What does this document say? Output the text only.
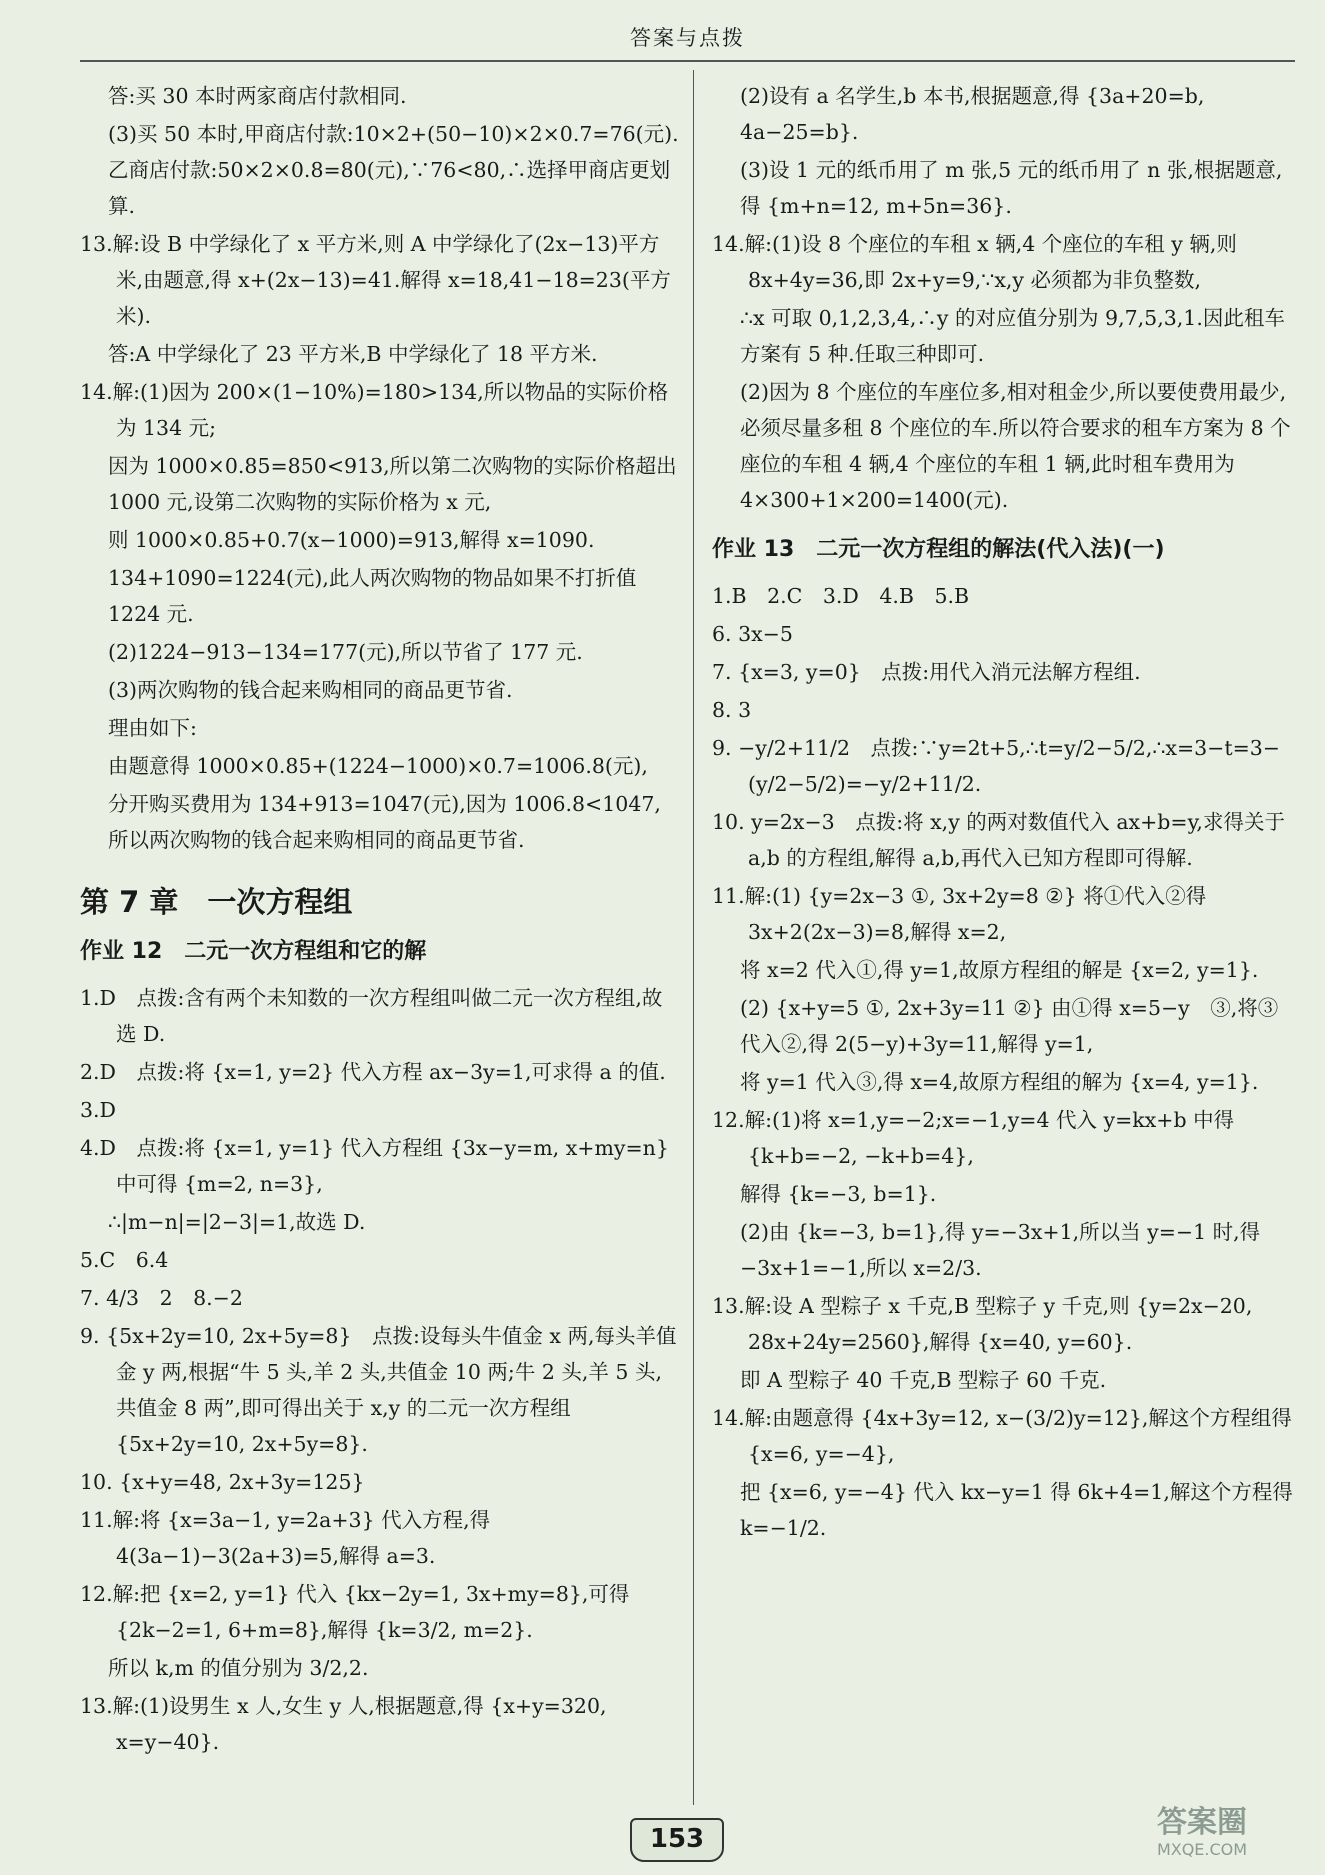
答案与点拨
答:买 30 本时两家商店付款相同.
(3)买 50 本时,甲商店付款:10×2+(50−10)×2×0.7=76(元).乙商店付款:50×2×0.8=80(元),∵76<80,∴选择甲商店更划算.
13.解:设 B 中学绿化了 x 平方米,则 A 中学绿化了(2x−13)平方米,由题意,得 x+(2x−13)=41.解得 x=18,41−18=23(平方米).
答:A 中学绿化了 23 平方米,B 中学绿化了 18 平方米.
14.解:(1)因为 200×(1−10%)=180>134,所以物品的实际价格为 134 元;
因为 1000×0.85=850<913,所以第二次购物的实际价格超出 1000 元,设第二次购物的实际价格为 x 元,
则 1000×0.85+0.7(x−1000)=913,解得 x=1090.
134+1090=1224(元),此人两次购物的物品如果不打折值 1224 元.
(2)1224−913−134=177(元),所以节省了 177 元.
(3)两次购物的钱合起来购相同的商品更节省.
理由如下:
由题意得 1000×0.85+(1224−1000)×0.7=1006.8(元),
分开购买费用为 134+913=1047(元),因为 1006.8<1047,所以两次购物的钱合起来购相同的商品更节省.
第 7 章　一次方程组
作业 12　二元一次方程组和它的解
1.D　点拨:含有两个未知数的一次方程组叫做二元一次方程组,故选 D.
2.D　点拨:将 {x=1, y=2} 代入方程 ax−3y=1,可求得 a 的值.
3.D
4.D　点拨:将 {x=1, y=1} 代入方程组 {3x−y=m, x+my=n} 中可得 {m=2, n=3},
∴|m−n|=|2−3|=1,故选 D.
5.C　6.4
7. 4/3　2　8.−2
9. {5x+2y=10, 2x+5y=8}　点拨:设每头牛值金 x 两,每头羊值金 y 两,根据“牛 5 头,羊 2 头,共值金 10 两;牛 2 头,羊 5 头,共值金 8 两”,即可得出关于 x,y 的二元一次方程组 {5x+2y=10, 2x+5y=8}.
10. {x+y=48, 2x+3y=125}
11.解:将 {x=3a−1, y=2a+3} 代入方程,得 4(3a−1)−3(2a+3)=5,解得 a=3.
12.解:把 {x=2, y=1} 代入 {kx−2y=1, 3x+my=8},可得 {2k−2=1, 6+m=8},解得 {k=3/2, m=2}.
所以 k,m 的值分别为 3/2,2.
13.解:(1)设男生 x 人,女生 y 人,根据题意,得 {x+y=320, x=y−40}.
(2)设有 a 名学生,b 本书,根据题意,得 {3a+20=b, 4a−25=b}.
(3)设 1 元的纸币用了 m 张,5 元的纸币用了 n 张,根据题意,得 {m+n=12, m+5n=36}.
14.解:(1)设 8 个座位的车租 x 辆,4 个座位的车租 y 辆,则 8x+4y=36,即 2x+y=9,∵x,y 必须都为非负整数,
∴x 可取 0,1,2,3,4,∴y 的对应值分别为 9,7,5,3,1.因此租车方案有 5 种.任取三种即可.
(2)因为 8 个座位的车座位多,相对租金少,所以要使费用最少,必须尽量多租 8 个座位的车.所以符合要求的租车方案为 8 个座位的车租 4 辆,4 个座位的车租 1 辆,此时租车费用为 4×300+1×200=1400(元).
作业 13　二元一次方程组的解法(代入法)(一)
1.B　2.C　3.D　4.B　5.B
6. 3x−5
7. {x=3, y=0}　点拨:用代入消元法解方程组.
8. 3
9. −y/2+11/2　点拨:∵y=2t+5,∴t=y/2−5/2,∴x=3−t=3−(y/2−5/2)=−y/2+11/2.
10. y=2x−3　点拨:将 x,y 的两对数值代入 ax+b=y,求得关于 a,b 的方程组,解得 a,b,再代入已知方程即可得解.
11.解:(1) {y=2x−3 ①, 3x+2y=8 ②} 将①代入②得 3x+2(2x−3)=8,解得 x=2,
将 x=2 代入①,得 y=1,故原方程组的解是 {x=2, y=1}.
(2) {x+y=5 ①, 2x+3y=11 ②} 由①得 x=5−y　③,将③代入②,得 2(5−y)+3y=11,解得 y=1,
将 y=1 代入③,得 x=4,故原方程组的解为 {x=4, y=1}.
12.解:(1)将 x=1,y=−2;x=−1,y=4 代入 y=kx+b 中得 {k+b=−2, −k+b=4},
解得 {k=−3, b=1}.
(2)由 {k=−3, b=1},得 y=−3x+1,所以当 y=−1 时,得 −3x+1=−1,所以 x=2/3.
13.解:设 A 型粽子 x 千克,B 型粽子 y 千克,则 {y=2x−20, 28x+24y=2560},解得 {x=40, y=60}.
即 A 型粽子 40 千克,B 型粽子 60 千克.
14.解:由题意得 {4x+3y=12, x−(3/2)y=12},解这个方程组得 {x=6, y=−4},
把 {x=6, y=−4} 代入 kx−y=1 得 6k+4=1,解这个方程得 k=−1/2.
153	答案圈
MXQE.COM
